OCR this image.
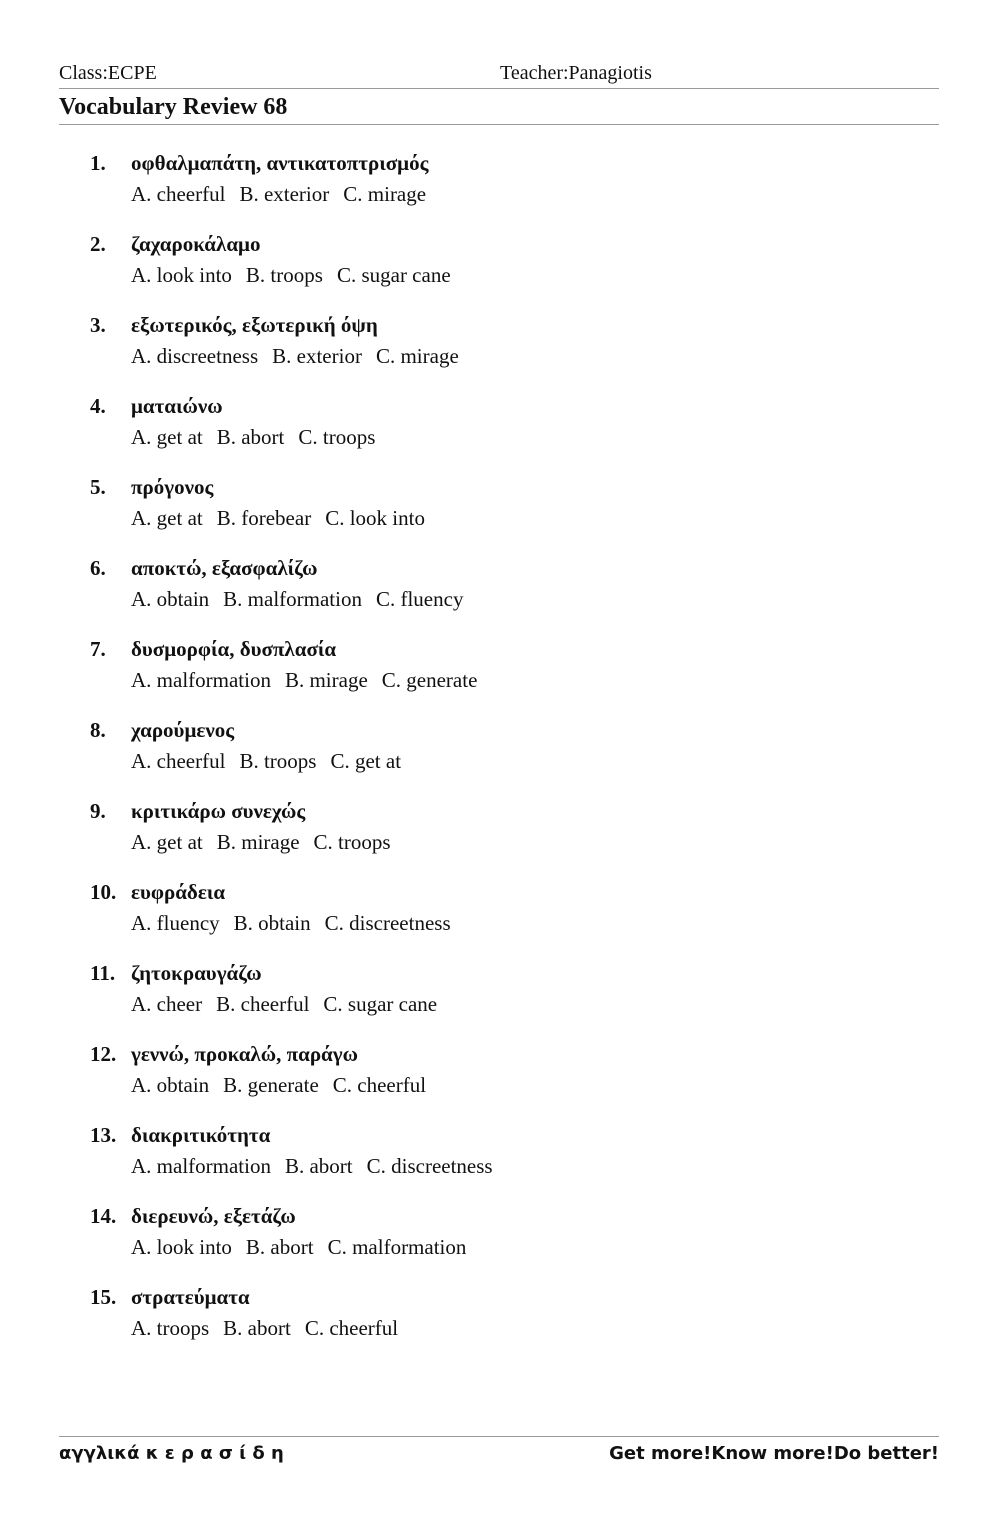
Class:ECPE	Teacher:Panagiotis
Vocabulary Review 68
1. οφθαλμαπάτη, αντικατοπτρισμός
A. cheerful B. exterior C. mirage
2. ζαχαροκάλαμο
A. look into B. troops C. sugar cane
3. εξωτερικός, εξωτερική όψη
A. discreetness B. exterior C. mirage
4. ματαιώνω
A. get at B. abort C. troops
5. πρόγονος
A. get at B. forebear C. look into
6. αποκτώ, εξασφαλίζω
A. obtain B. malformation C. fluency
7. δυσμορφία, δυσπλασία
A. malformation B. mirage C. generate
8. χαρούμενος
A. cheerful B. troops C. get at
9. κριτικάρω συνεχώς
A. get at B. mirage C. troops
10. ευφράδεια
A. fluency B. obtain C. discreetness
11. ζητοκραυγάζω
A. cheer B. cheerful C. sugar cane
12. γεννώ, προκαλώ, παράγω
A. obtain B. generate C. cheerful
13. διακριτικότητα
A. malformation B. abort C. discreetness
14. διερευνώ, εξετάζω
A. look into B. abort C. malformation
15. στρατεύματα
A. troops B. abort C. cheerful
αγγλικά κ ε ρ α σ ί δ η	Get more!Know more!Do better!
